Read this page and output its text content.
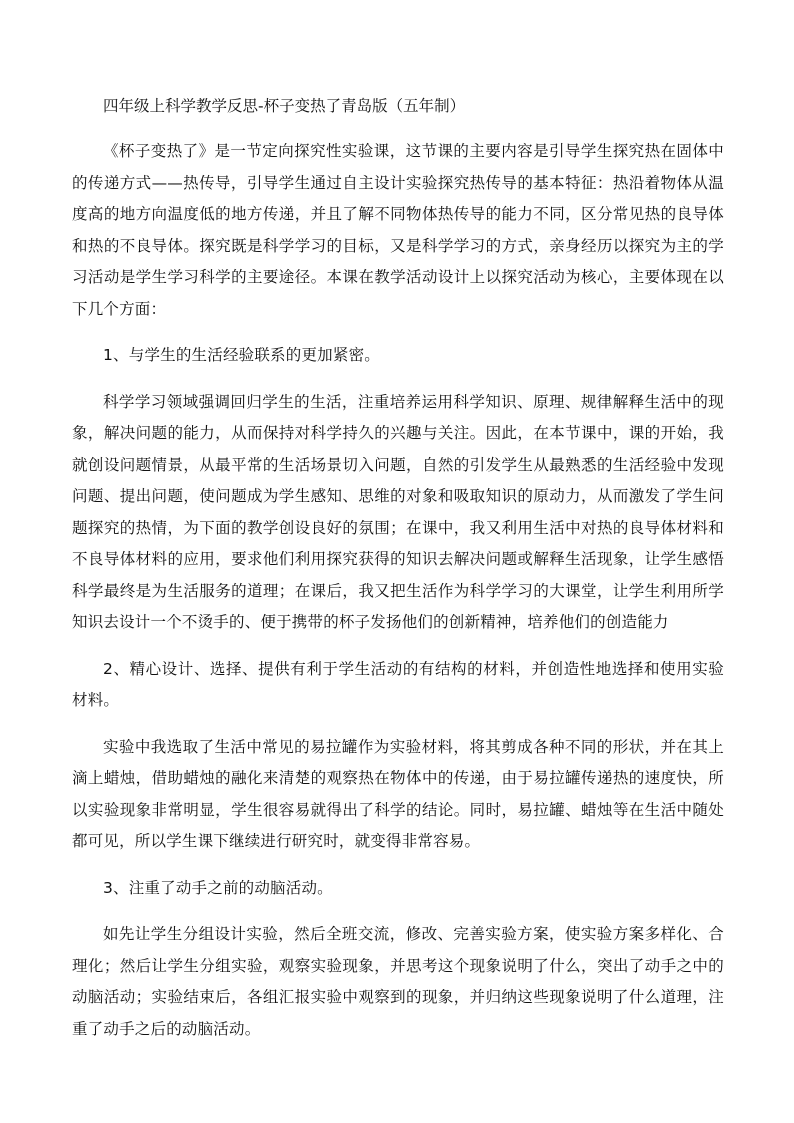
四年级上科学教学反思-杯子变热了青岛版（五年制）

《杯子变热了》是一节定向探究性实验课，这节课的主要内容是引导学生探究热在固体中的传递方式——热传导，引导学生通过自主设计实验探究热传导的基本特征：热沿着物体从温度高的地方向温度低的地方传递，并且了解不同物体热传导的能力不同，区分常见热的良导体和热的不良导体。探究既是科学学习的目标，又是科学学习的方式，亲身经历以探究为主的学习活动是学生学习科学的主要途径。本课在教学活动设计上以探究活动为核心，主要体现在以下几个方面：

1、与学生的生活经验联系的更加紧密。

科学学习领域强调回归学生的生活，注重培养运用科学知识、原理、规律解释生活中的现象，解决问题的能力，从而保持对科学持久的兴趣与关注。因此，在本节课中，课的开始，我就创设问题情景，从最平常的生活场景切入问题，自然的引发学生从最熟悉的生活经验中发现问题、提出问题，使问题成为学生感知、思维的对象和吸取知识的原动力，从而激发了学生问题探究的热情，为下面的教学创设良好的氛围；在课中，我又利用生活中对热的良导体材料和不良导体材料的应用，要求他们利用探究获得的知识去解决问题或解释生活现象，让学生感悟科学最终是为生活服务的道理；在课后，我又把生活作为科学学习的大课堂，让学生利用所学知识去设计一个不烫手的、便于携带的杯子发扬他们的创新精神，培养他们的创造能力

2、精心设计、选择、提供有利于学生活动的有结构的材料，并创造性地选择和使用实验材料。

实验中我选取了生活中常见的易拉罐作为实验材料，将其剪成各种不同的形状，并在其上滴上蜡烛，借助蜡烛的融化来清楚的观察热在物体中的传递，由于易拉罐传递热的速度快，所以实验现象非常明显，学生很容易就得出了科学的结论。同时，易拉罐、蜡烛等在生活中随处都可见，所以学生课下继续进行研究时，就变得非常容易。

3、注重了动手之前的动脑活动。

如先让学生分组设计实验，然后全班交流，修改、完善实验方案，使实验方案多样化、合理化；然后让学生分组实验，观察实验现象，并思考这个现象说明了什么，突出了动手之中的动脑活动；实验结束后，各组汇报实验中观察到的现象，并归纳这些现象说明了什么道理，注重了动手之后的动脑活动。
